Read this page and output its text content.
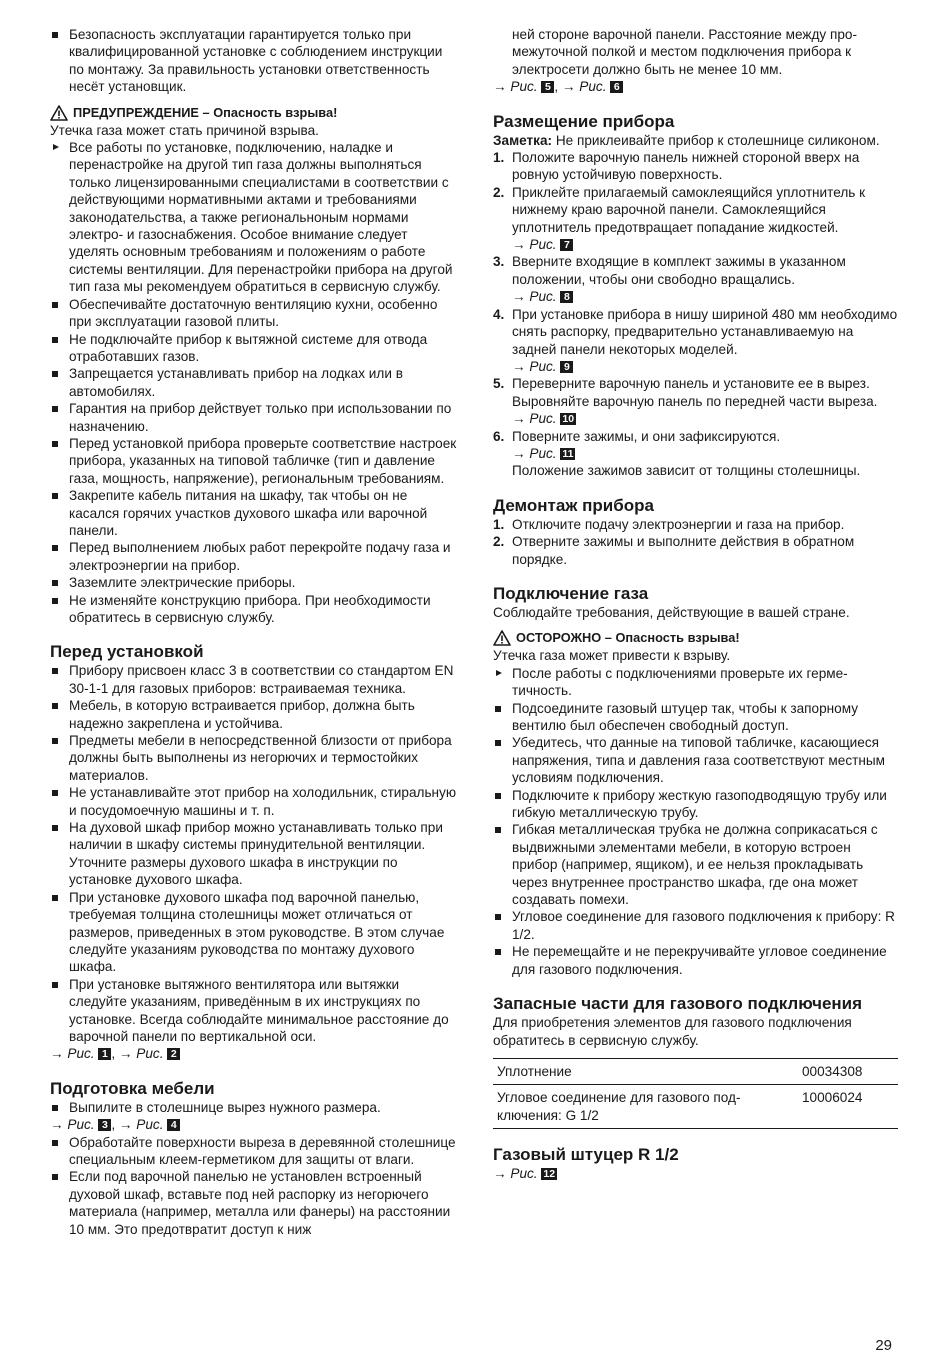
Безопасность эксплуатации гарантируется только при квалифицированной установке с соблюдением инструкции по монтажу. За правильность установки ответственность несёт установщик.

ПРЕДУПРЕЖДЕНИЕ – Опасность взрыва!

Утечка газа может стать причиной взрыва.

Все работы по установке, подключению, наладке и перенастройке на другой тип газа должны выполняться только лицензированными специалистами в соответствии с действующими нормативными актами и требованиями законодательства, а также региональноным нормами электро- и газоснабжения. Особое внимание следует уделять основным требованиям и положениям о работе системы вентиляции. Для перенастройки прибора на другой тип газа мы рекомендуем обратиться в сервисную службу.

Обеспечивайте достаточную вентиляцию кухни, особенно при эксплуатации газовой плиты.

Не подключайте прибор к вытяжной системе для отвода отработавших газов.

Запрещается устанавливать прибор на лодках или в автомобилях.

Гарантия на прибор действует только при использовании по назначению.

Перед установкой прибора проверьте соответствие настроек прибора, указанных на типовой табличке (тип и давление газа, мощность, напряжение), региональным требованиям.

Закрепите кабель питания на шкафу, так чтобы он не касался горячих участков духового шкафа или варочной панели.

Перед выполнением любых работ перекройте подачу газа и электроэнергии на прибор.

Заземлите электрические приборы.

Не изменяйте конструкцию прибора. При необходимости обратитесь в сервисную службу.

Перед установкой

Прибору присвоен класс 3 в соответствии со стандартом EN 30-1-1 для газовых приборов: встраиваемая техника.

Мебель, в которую встраивается прибор, должна быть надежно закреплена и устойчива.

Предметы мебели в непосредственной близости от прибора должны быть выполнены из негорючих и термостойких материалов.

Не устанавливайте этот прибор на холодильник, стиральную и посудомоечную машины и т. п.

На духовой шкаф прибор можно устанавливать только при наличии в шкафу системы принудительной вентиляции. Уточните размеры духового шкафа в инструкции по установке духового шкафа.

При установке духового шкафа под варочной панелью, требуемая толщина столешницы может отличаться от размеров, приведенных в этом руководстве. В этом случае следуйте указаниям руководства по монтажу духового шкафа.

При установке вытяжного вентилятора или вытяжки следуйте указаниям, приведённым в их инструкциях по установке. Всегда соблюдайте минимальное расстояние до варочной панели по вертикальной оси.

→ Рис. 1 , → Рис. 2

Подготовка мебели

Выпилите в столешнице вырез нужного размера.

→ Рис. 3 , → Рис. 4

Обработайте поверхности выреза в деревянной столешнице специальным клеем-герметиком для защиты от влаги.

Если под варочной панелью не установлен встроенный духовой шкаф, вставьте под ней распорку из негорючего материала (например, металла или фанеры) на расстоянии 10 мм. Это предотвратит доступ к ниж

ней стороне варочной панели. Расстояние между промежуточной полкой и местом подключения прибора к электросети должно быть не менее 10 мм.

→ Рис. 5 , → Рис. 6

Размещение прибора

Заметка: Не приклеивайте прибор к столешнице силиконом.

1. Положите варочную панель нижней стороной вверх на ровную устойчивую поверхность.

2. Приклейте прилагаемый самоклеящийся уплотнитель к нижнему краю варочной панели. Самоклеящийся уплотнитель предотвращает попадание жидкостей.

→ Рис. 7

3. Вверните входящие в комплект зажимы в указанном положении, чтобы они свободно вращались.

→ Рис. 8

4. При установке прибора в нишу шириной 480 мм необходимо снять распорку, предварительно устанавливаемую на задней панели некоторых моделей.

→ Рис. 9

5. Переверните варочную панель и установите ее в вырез. Выровняйте варочную панель по передней части выреза.

→ Рис. 10

6. Поверните зажимы, и они зафиксируются.

→ Рис. 11

Положение зажимов зависит от толщины столешницы.

Демонтаж прибора

1. Отключите подачу электроэнергии и газа на прибор.

2. Отверните зажимы и выполните действия в обратном порядке.

Подключение газа

Соблюдайте требования, действующие в вашей стране.

ОСТОРОЖНО – Опасность взрыва!

Утечка газа может привести к взрыву.

После работы с подключениями проверьте их герметичность.

Подсоедините газовый штуцер так, чтобы к запорному вентилю был обеспечен свободный доступ.

Убедитесь, что данные на типовой табличке, касающиеся напряжения, типа и давления газа соответствуют местным условиям подключения.

Подключите к прибору жесткую газоподводящую трубу или гибкую металлическую трубу.

Гибкая металлическая трубка не должна соприкасаться с выдвижными элементами мебели, в которую встроен прибор (например, ящиком), и ее нельзя прокладывать через внутреннее пространство шкафа, где она может создавать помехи.

Угловое соединение для газового подключения к прибору: R 1/2.

Не перемещайте и не перекручивайте угловое соединение для газового подключения.

Запасные части для газового подключения

Для приобретения элементов для газового подключения обратитесь в сервисную службу.

Уплотнение	00034308
Угловое соединение для газового подключения: G 1/2	10006024
Газовый штуцер R 1/2

→ Рис. 12

29
